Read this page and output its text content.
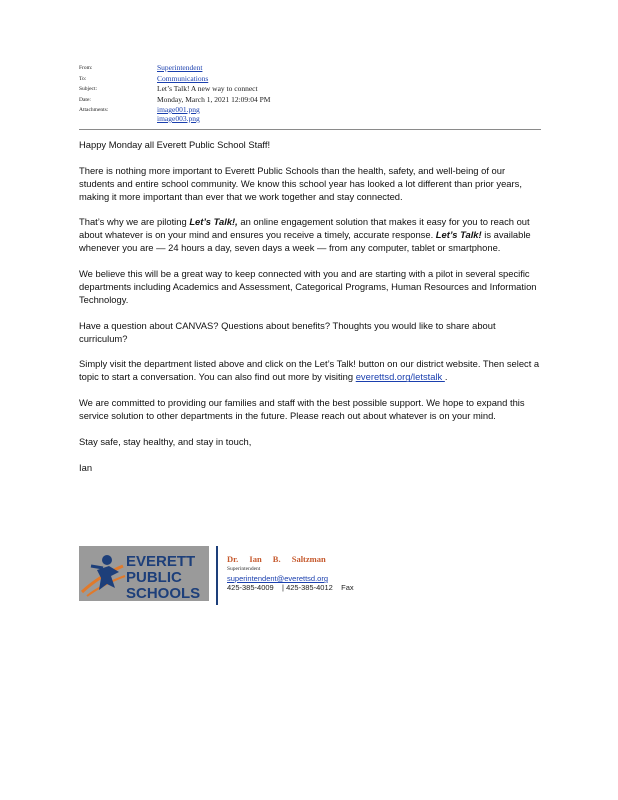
From:	Superintendent
To:	Communications
Subject:	Let’s Talk! A new way to connect
Date:	Monday, March 1, 2021 12:09:04 PM
Attachments:	image001.png
image003.png

Happy Monday all Everett Public School Staff!

There is nothing more important to Everett Public Schools than the health, safety, and well-being of our students and entire school community. We know this school year has looked a lot different than prior years, making it more important than ever that we work together and stay connected.

That’s why we are piloting Let’s Talk!, an online engagement solution that makes it easy for you to reach out about whatever is on your mind and ensures you receive a timely, accurate response. Let’s Talk! is available whenever you are — 24 hours a day, seven days a week — from any computer, tablet or smartphone.

We believe this will be a great way to keep connected with you and are starting with a pilot in several specific departments including Academics and Assessment, Categorical Programs, Human Resources and Information Technology.

Have a question about CANVAS? Questions about benefits? Thoughts you would like to share about curriculum?

Simply visit the department listed above and click on the Let’s Talk! button on our district website. Then select a topic to start a conversation. You can also find out more by visiting everettsd.org/letstalk .

We are committed to providing our families and staff with the best possible support. We hope to expand this service solution to other departments in the future. Please reach out about whatever is on your mind.

Stay safe, stay healthy, and stay in touch,

Ian

EVERETT
PUBLIC
SCHOOLS
Dr. Ian B. Saltzman
Superintendent
superintendent@everettsd.org
425-385-4009    | 425-385-4012    Fax
